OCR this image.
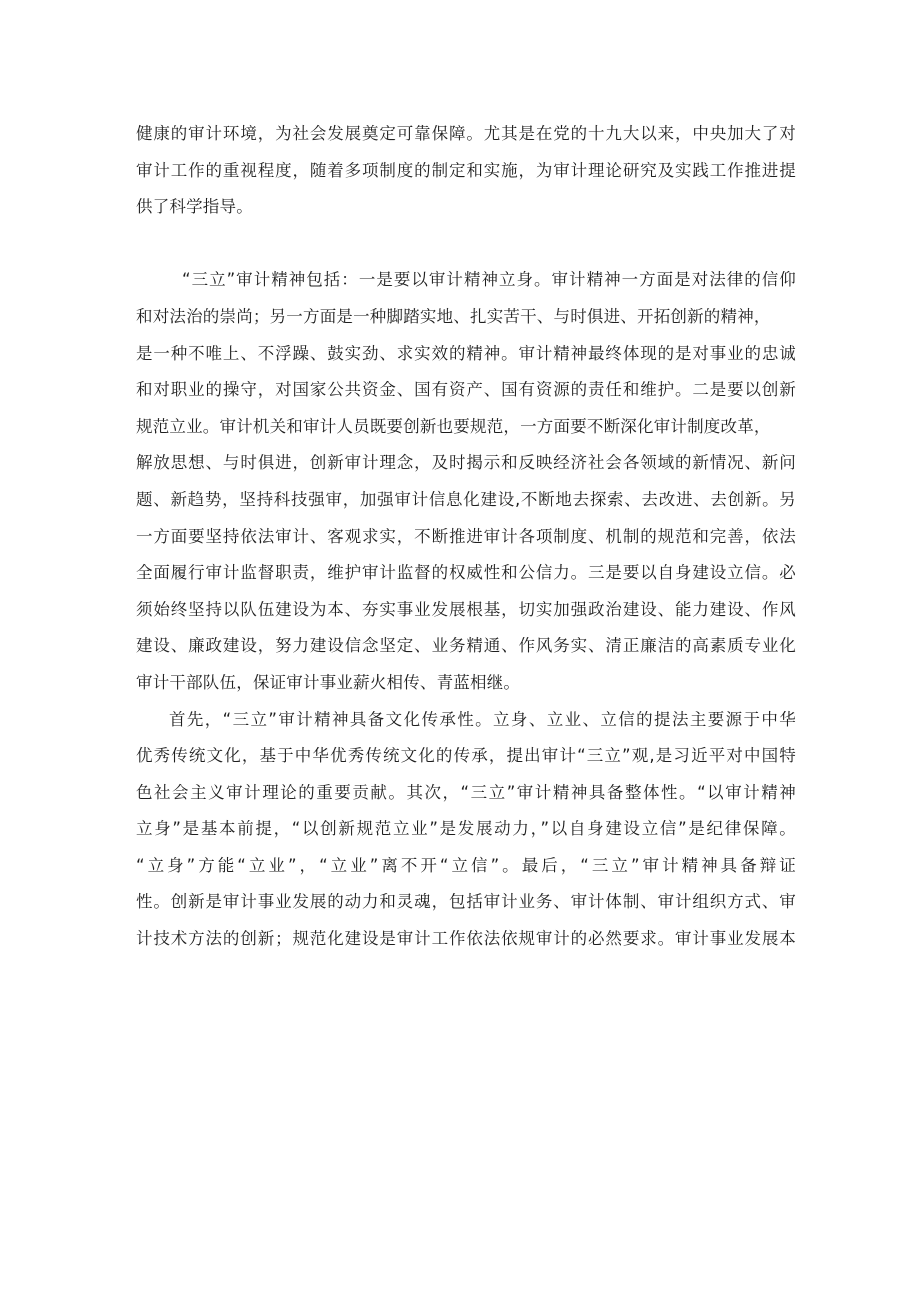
健康的审计环境，为社会发展奠定可靠保障。尤其是在党的十九大以来，中央加大了对
审计工作的重视程度，随着多项制度的制定和实施，为审计理论研究及实践工作推进提
供了科学指导。
“三立”审计精神包括：一是要以审计精神立身。审计精神一方面是对法律的信仰
和对法治的崇尚；另一方面是一种脚踏实地、扎实苦干、与时俱进、开拓创新的精神，
是一种不唯上、不浮躁、鼓实劲、求实效的精神。审计精神最终体现的是对事业的忠诚
和对职业的操守，对国家公共资金、国有资产、国有资源的责任和维护。二是要以创新
规范立业。审计机关和审计人员既要创新也要规范，一方面要不断深化审计制度改革，
解放思想、与时俱进，创新审计理念，及时揭示和反映经济社会各领域的新情况、新问
题、新趋势，坚持科技强审，加强审计信息化建设,不断地去探索、去改进、去创新。另
一方面要坚持依法审计、客观求实，不断推进审计各项制度、机制的规范和完善，依法
全面履行审计监督职责，维护审计监督的权威性和公信力。三是要以自身建设立信。必
须始终坚持以队伍建设为本、夯实事业发展根基，切实加强政治建设、能力建设、作风
建设、廉政建设，努力建设信念坚定、业务精通、作风务实、清正廉洁的高素质专业化
审计干部队伍，保证审计事业薪火相传、青蓝相继。
首先，“三立”审计精神具备文化传承性。立身、立业、立信的提法主要源于中华
优秀传统文化，基于中华优秀传统文化的传承，提出审计“三立”观,是习近平对中国特
色社会主义审计理论的重要贡献。其次，“三立”审计精神具备整体性。“以审计精神
立身”是基本前提，“以创新规范立业”是发展动力，”以自身建设立信”是纪律保障。
“立身”方能“立业”，“立业”离不开“立信”。最后，“三立”审计精神具备辩证
性。创新是审计事业发展的动力和灵魂，包括审计业务、审计体制、审计组织方式、审
计技术方法的创新；规范化建设是审计工作依法依规审计的必然要求。审计事业发展本
